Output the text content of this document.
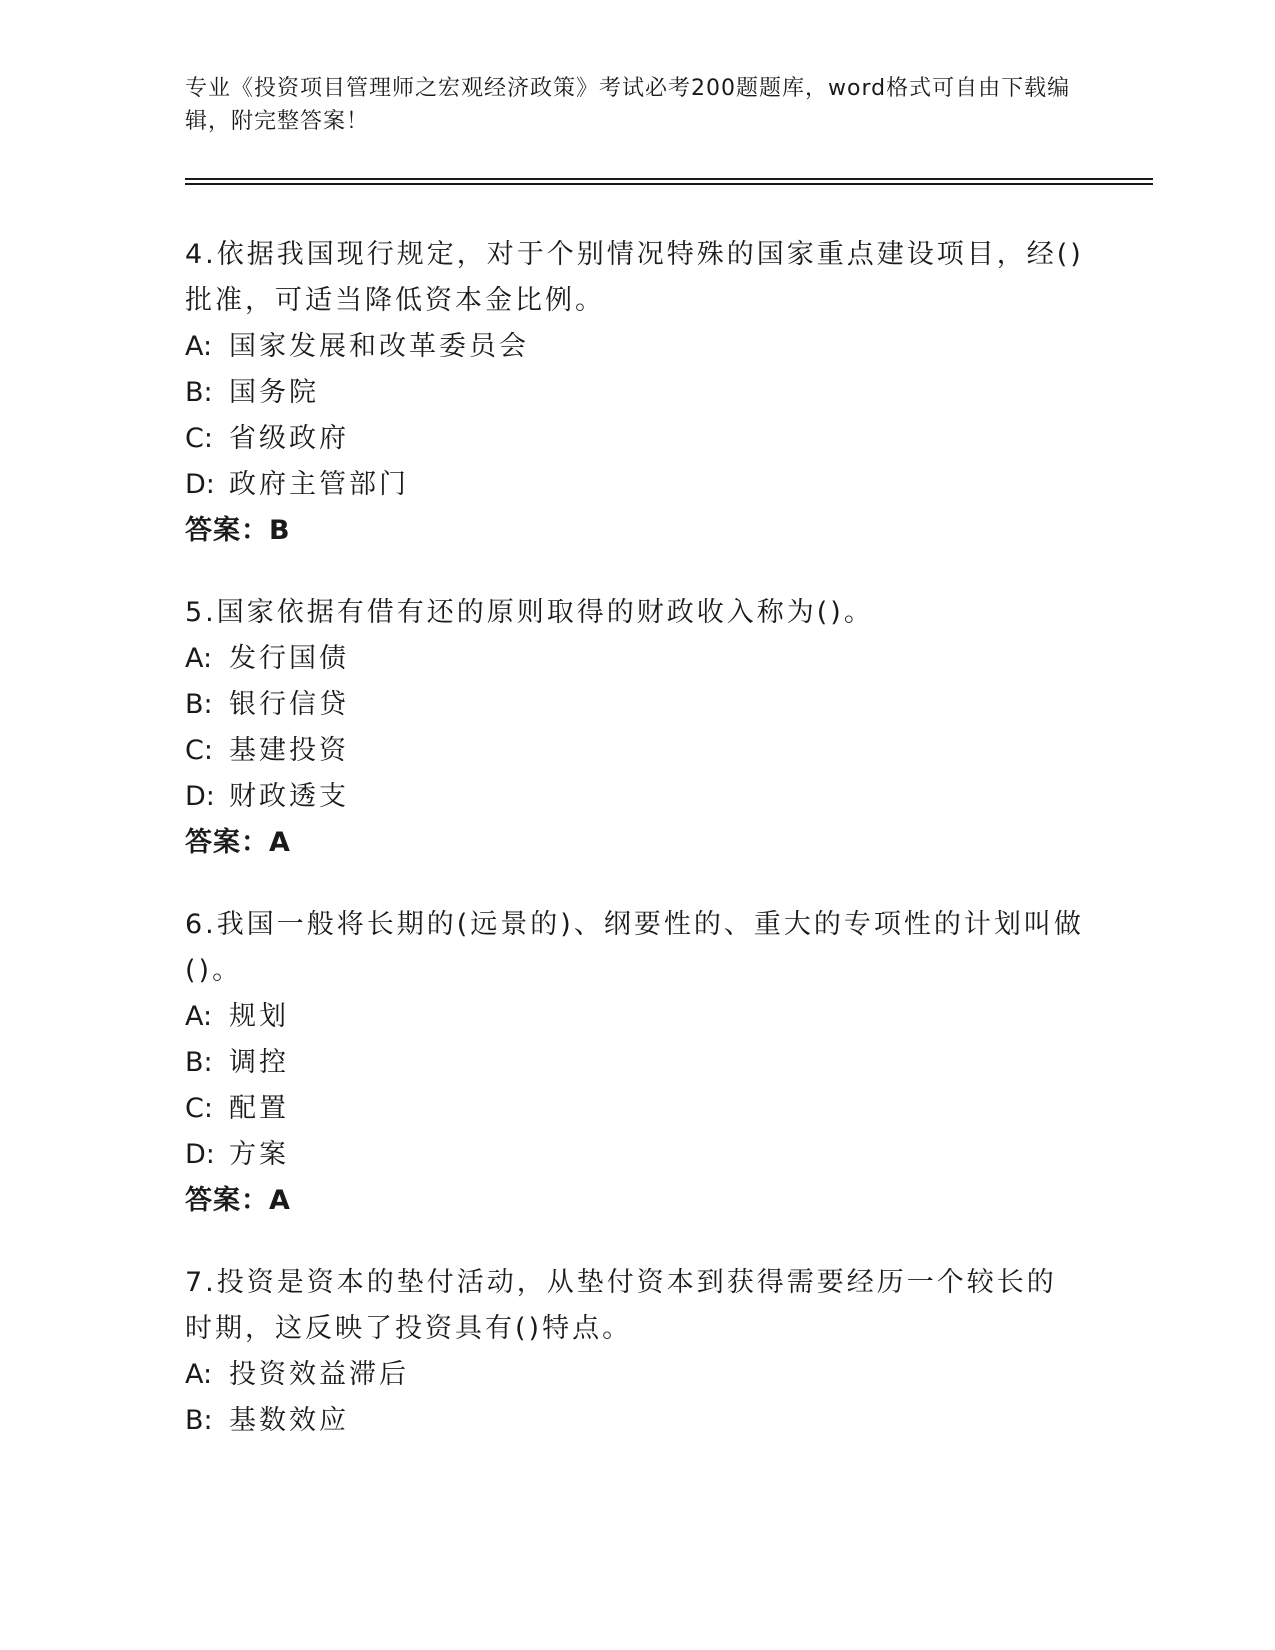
专业《投资项目管理师之宏观经济政策》考试必考200题题库，word格式可自由下载编辑，附完整答案！
4.依据我国现行规定，对于个别情况特殊的国家重点建设项目，经()批准，可适当降低资本金比例。
A: 国家发展和改革委员会
B: 国务院
C: 省级政府
D: 政府主管部门
答案：B
5.国家依据有借有还的原则取得的财政收入称为()。
A: 发行国债
B: 银行信贷
C: 基建投资
D: 财政透支
答案：A
6.我国一般将长期的(远景的)、纲要性的、重大的专项性的计划叫做()。
A: 规划
B: 调控
C: 配置
D: 方案
答案：A
7.投资是资本的垫付活动，从垫付资本到获得需要经历一个较长的时期，这反映了投资具有()特点。
A: 投资效益滞后
B: 基数效应
